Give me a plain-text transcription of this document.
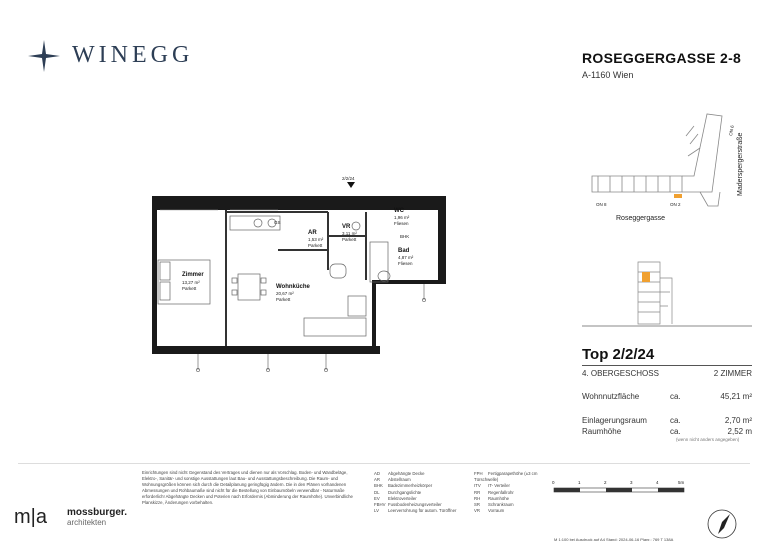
WINEGG	ROSEGGERGASSE 2-8
A-1160 Wien
ON 8	ON 2
ON 6
Roseggergasse
Maderspergerstraße
2/2/24
GS
BHK
Zimmer
13,27 m²
Parkett	Wohnküche
20,67 m²
Parkett
AR
1,53 m²
Parkett
VR
3,11 m²
Parkett
WC
1,96 m²
Fliesen
Bad
4,87 m²
Fliesen
Top 2/2/24
4. OBERGESCHOSS	2 ZIMMER
Wohnnutzfläche	ca.	45,21 m²
Einlagerungsraum	ca.	2,70 m²
Raumhöhe	ca.	2,52 m
(wenn nicht anders angegeben)
m|a mossburger.
architekten
Einrichtungen sind nicht Gegenstand des Vertrages und dienen nur als Vorschlag. Boden- und Wandbeläge, Elektro-, Sanitär- und sonstige Ausstattungen laut Bau- und Ausstattungsbeschreibung. Die Raum- und Wohnungsgrößen können sich durch die Detailplanung geringfügig ändern. Die in den Plänen vorhandenen Abmessungen und Rohbaumaße sind nicht für die Bestellung von Einbaumöbeln verwendbar - Naturmaße erforderlich! Abgehängte Decken und Poterien nach Erfordernis (Abminderung der Raumhöhe). Unverbindliche Planskizze, Änderungen vorbehalten.
AD Abgehängte Decke
AR Abstellraum
BHK Badezimmerheizkörper
DL Durchgangslichte
EV Elektroverteiler
FBHV Fussbodenheizungsverteiler
LV Leerverrohrung für autom. Türöffner
FPH Fertigparapethöhe (±3 cm Türschwelle)
ITV IT- Verteiler
RR Regenfallrohr
RH Raumhöhe
SR Schrankraum
VR Vorraum
0	1	2	3	4	5m
M 1:100 bei Ausdruck auf A4 Stand: 2024-06-16 Planr.: 769 T 138A
